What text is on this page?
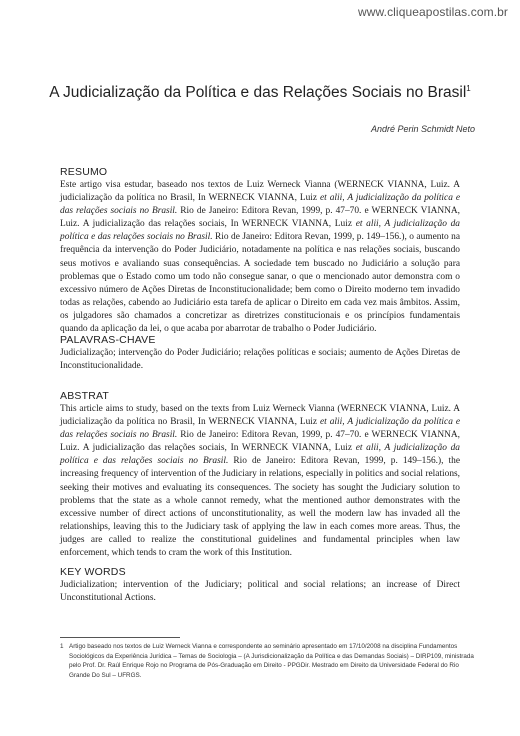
www.cliqueapostilas.com.br
A Judicialização da Política e das Relações Sociais no Brasil$^1$
André Perin Schmidt Neto
RESUMO

Este artigo visa estudar, baseado nos textos de Luiz Werneck Vianna (WERNECK VIANNA, Luiz. A judicialização da política no Brasil, In WERNECK VIANNA, Luiz et alii, A judicialização da política e das relações sociais no Brasil. Rio de Janeiro: Editora Revan, 1999, p. 47–70. e WERNECK VIANNA, Luiz. A judicialização das relações sociais, In WERNECK VIANNA, Luiz et alii, A judicialização da política e das relações sociais no Brasil. Rio de Janeiro: Editora Revan, 1999, p. 149–156.), o aumento na frequência da intervenção do Poder Judiciário, notadamente na política e nas relações sociais, buscando seus motivos e avaliando suas consequências. A sociedade tem buscado no Judiciário a solução para problemas que o Estado como um todo não consegue sanar, o que o mencionado autor demonstra com o excessivo número de Ações Diretas de Inconstitucionalidade; bem como o Direito moderno tem invadido todas as relações, cabendo ao Judiciário esta tarefa de aplicar o Direito em cada vez mais âmbitos. Assim, os julgadores são chamados a concretizar as diretrizes constitucionais e os princípios fundamentais quando da aplicação da lei, o que acaba por abarrotar de trabalho o Poder Judiciário.

PALAVRAS-CHAVE

Judicialização; intervenção do Poder Judiciário; relações políticas e sociais; aumento de Ações Diretas de Inconstitucionalidade.

ABSTRAT

This article aims to study, based on the texts from Luiz Werneck Vianna (WERNECK VIANNA, Luiz. A judicialização da política no Brasil, In WERNECK VIANNA, Luiz et alii, A judicialização da política e das relações sociais no Brasil. Rio de Janeiro: Editora Revan, 1999, p. 47–70. e WERNECK VIANNA, Luiz. A judicialização das relações sociais, In WERNECK VIANNA, Luiz et alii, A judicialização da política e das relações sociais no Brasil. Rio de Janeiro: Editora Revan, 1999, p. 149–156.), the increasing frequency of intervention of the Judiciary in relations, especially in politics and social relations, seeking their motives and evaluating its consequences. The society has sought the Judiciary solution to problems that the state as a whole cannot remedy, what the mentioned author demonstrates with the excessive number of direct actions of unconstitutionality, as well the modern law has invaded all the relationships, leaving this to the Judiciary task of applying the law in each comes more areas. Thus, the judges are called to realize the constitutional guidelines and fundamental principles when law enforcement, which tends to cram the work of this Institution.

KEY WORDS

Judicialization; intervention of the Judiciary; political and social relations; an increase of Direct Unconstitutional Actions.

1 Artigo baseado nos textos de Luiz Werneck Vianna e correspondente ao seminário apresentado em 17/10/2008 na disciplina Fundamentos Sociológicos da Experiência Jurídica – Temas de Sociologia – (A Jurisdicionalização da Política e das Demandas Sociais) – DIRP109, ministrada pelo Prof. Dr. Raúl Enrique Rojo no Programa de Pós-Graduação em Direito - PPGDir. Mestrado em Direito da Universidade Federal do Rio Grande Do Sul – UFRGS.
